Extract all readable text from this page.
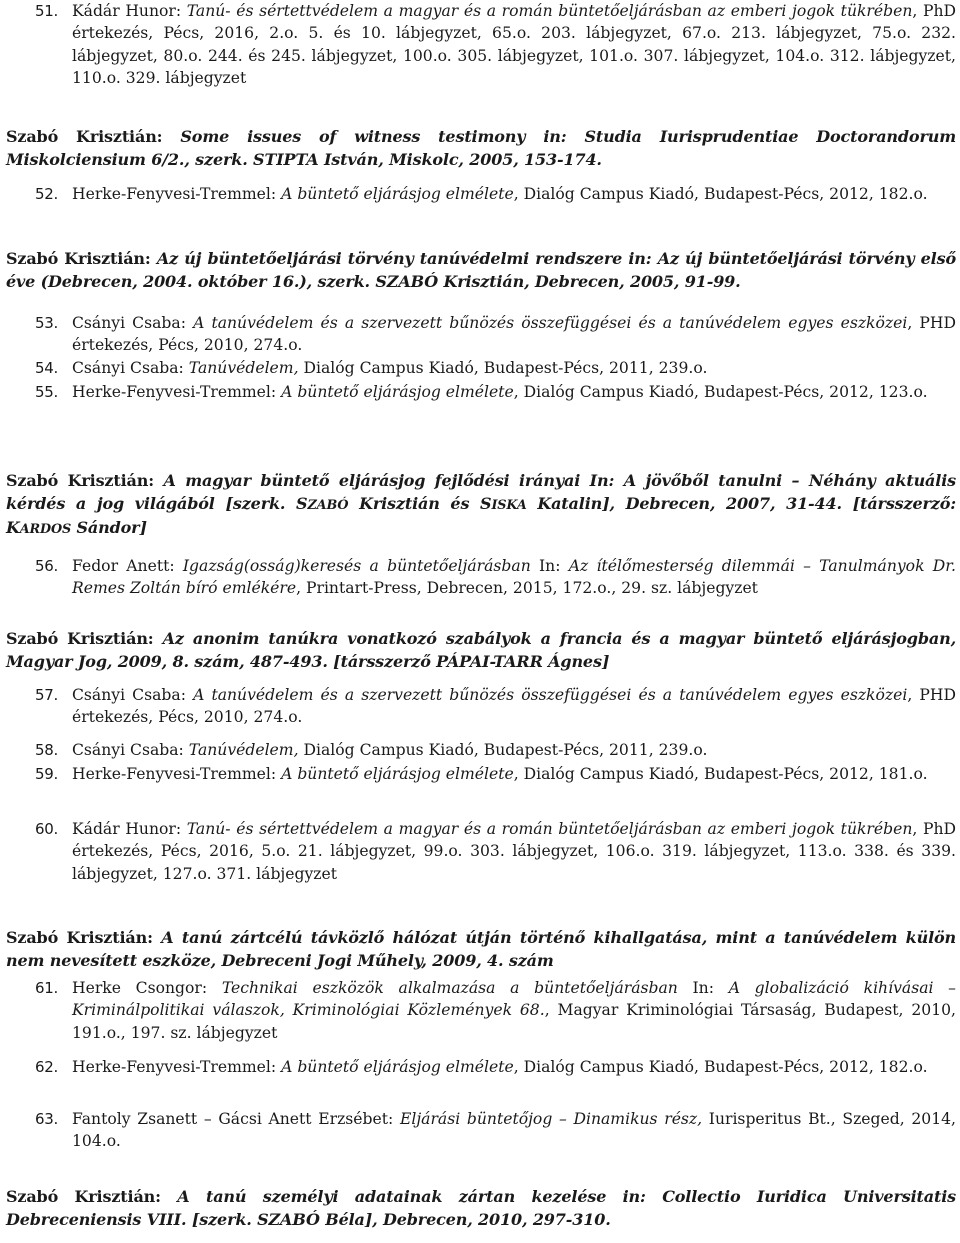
51. Kádár Hunor: Tanú- és sértettvédelem a magyar és a román büntetőeljárásban az emberi jogok tükrében, PhD értekezés, Pécs, 2016, 2.o. 5. és 10. lábjegyzet, 65.o. 203. lábjegyzet, 67.o. 213. lábjegyzet, 75.o. 232. lábjegyzet, 80.o. 244. és 245. lábjegyzet, 100.o. 305. lábjegyzet, 101.o. 307. lábjegyzet, 104.o. 312. lábjegyzet, 110.o. 329. lábjegyzet
Szabó Krisztián: Some issues of witness testimony in: Studia Iurisprudentiae Doctorandorum Miskolciensium 6/2., szerk. STIPTA István, Miskolc, 2005, 153-174.
52. Herke-Fenyvesi-Tremmel: A büntető eljárásjog elmélete, Dialóg Campus Kiadó, Budapest-Pécs, 2012, 182.o.
Szabó Krisztián: Az új büntetőeljárási törvény tanúvédelmi rendszere in: Az új büntetőeljárási törvény első éve (Debrecen, 2004. október 16.), szerk. SZABÓ Krisztián, Debrecen, 2005, 91-99.
53. Csányi Csaba: A tanúvédelem és a szervezett bűnözés összefüggései és a tanúvédelem egyes eszközei, PHD értekezés, Pécs, 2010, 274.o.
54. Csányi Csaba: Tanúvédelem, Dialóg Campus Kiadó, Budapest-Pécs, 2011, 239.o.
55. Herke-Fenyvesi-Tremmel: A büntető eljárásjog elmélete, Dialóg Campus Kiadó, Budapest-Pécs, 2012, 123.o.
Szabó Krisztián: A magyar büntető eljárásjog fejlődési irányai In: A jövőből tanulni – Néhány aktuális kérdés a jog világából [szerk. SZABÓ Krisztián és SISKA Katalin], Debrecen, 2007, 31-44. [társszerző: KARDOS Sándor]
56. Fedor Anett: Igazság(osság)keresés a büntetőeljárásban In: Az ítélőmesterség dilemmái – Tanulmányok Dr. Remes Zoltán bíró emlékére, Printart-Press, Debrecen, 2015, 172.o., 29. sz. lábjegyzet
Szabó Krisztián: Az anonim tanúkra vonatkozó szabályok a francia és a magyar büntető eljárásjogban, Magyar Jog, 2009, 8. szám, 487-493. [társszerző PÁPAI-TARR Ágnes]
57. Csányi Csaba: A tanúvédelem és a szervezett bűnözés összefüggései és a tanúvédelem egyes eszközei, PHD értekezés, Pécs, 2010, 274.o.
58. Csányi Csaba: Tanúvédelem, Dialóg Campus Kiadó, Budapest-Pécs, 2011, 239.o.
59. Herke-Fenyvesi-Tremmel: A büntető eljárásjog elmélete, Dialóg Campus Kiadó, Budapest-Pécs, 2012, 181.o.
60. Kádár Hunor: Tanú- és sértettvédelem a magyar és a román büntetőeljárásban az emberi jogok tükrében, PhD értekezés, Pécs, 2016, 5.o. 21. lábjegyzet, 99.o. 303. lábjegyzet, 106.o. 319. lábjegyzet, 113.o. 338. és 339. lábjegyzet, 127.o. 371. lábjegyzet
Szabó Krisztián: A tanú zártcélú távközlő hálózat útján történő kihallgatása, mint a tanúvédelem külön nem nevesített eszköze, Debreceni Jogi Műhely, 2009, 4. szám
61. Herke Csongor: Technikai eszközök alkalmazása a büntetőeljárásban In: A globalizáció kihívásai – Kriminálpolitikai válaszok, Kriminológiai Közlemények 68., Magyar Kriminológiai Társaság, Budapest, 2010, 191.o., 197. sz. lábjegyzet
62. Herke-Fenyvesi-Tremmel: A büntető eljárásjog elmélete, Dialóg Campus Kiadó, Budapest-Pécs, 2012, 182.o.
63. Fantoly Zsanett – Gácsi Anett Erzsébet: Eljárási büntetőjog – Dinamikus rész, Iurisperitus Bt., Szeged, 2014, 104.o.
Szabó Krisztián: A tanú személyi adatainak zártan kezelése in: Collectio Iuridica Universitatis Debreceniensis VIII. [szerk. SZABÓ Béla], Debrecen, 2010, 297-310.
